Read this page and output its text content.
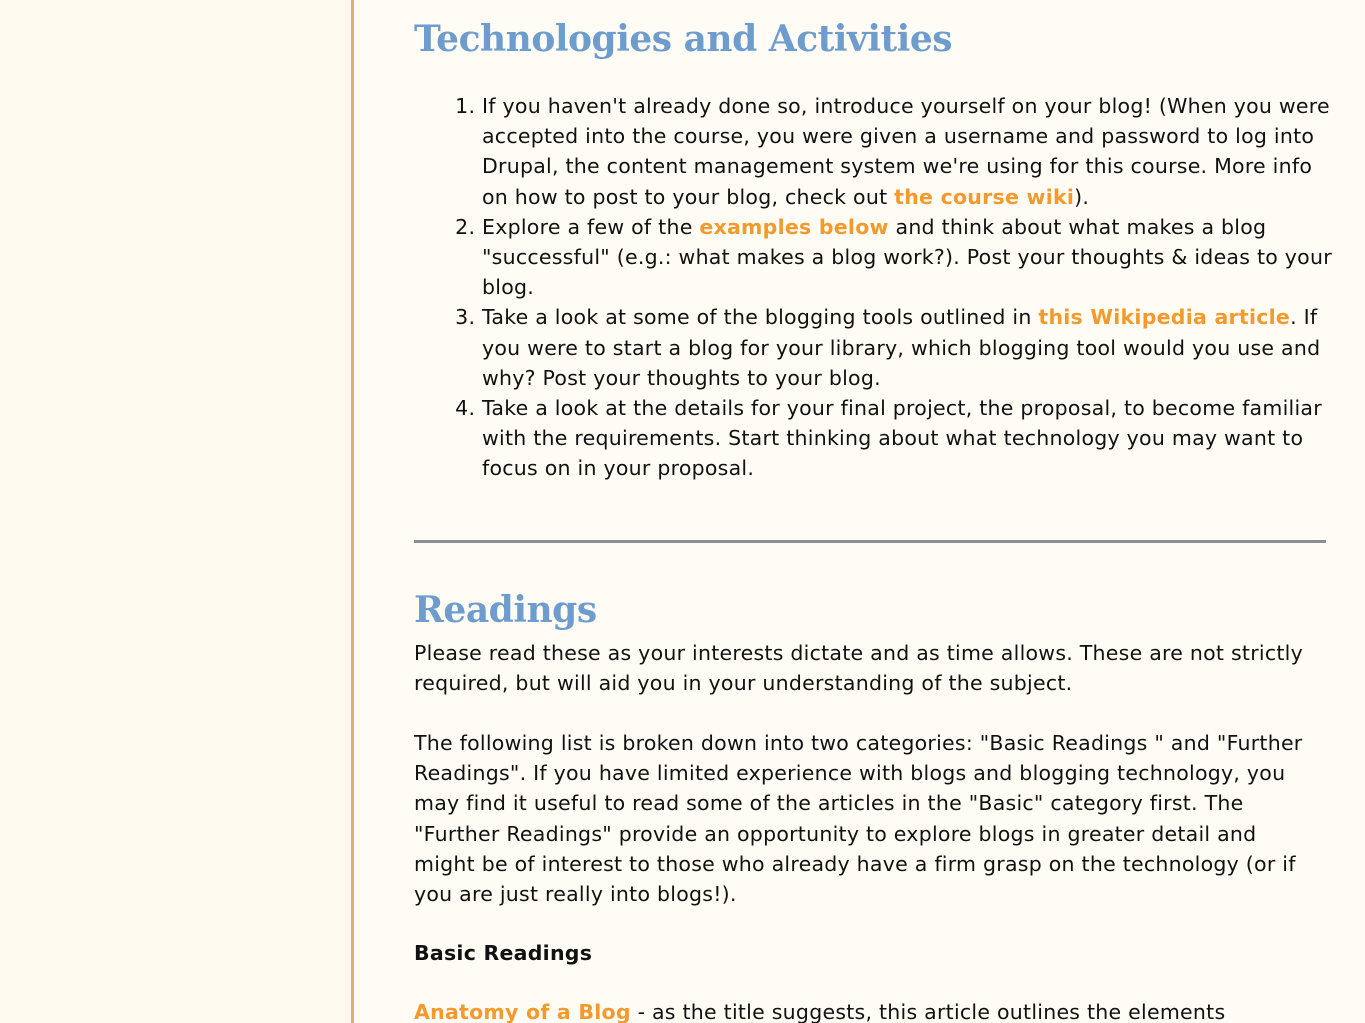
Technologies and Activities
1. If you haven't already done so, introduce yourself on your blog! (When you were accepted into the course, you were given a username and password to log into Drupal, the content management system we're using for this course. More info on how to post to your blog, check out the course wiki).
2. Explore a few of the examples below and think about what makes a blog "successful" (e.g.: what makes a blog work?). Post your thoughts & ideas to your blog.
3. Take a look at some of the blogging tools outlined in this Wikipedia article. If you were to start a blog for your library, which blogging tool would you use and why? Post your thoughts to your blog.
4. Take a look at the details for your final project, the proposal, to become familiar with the requirements. Start thinking about what technology you may want to focus on in your proposal.
Readings

Please read these as your interests dictate and as time allows. These are not strictly required, but will aid you in your understanding of the subject.

The following list is broken down into two categories: "Basic Readings " and "Further Readings". If you have limited experience with blogs and blogging technology, you may find it useful to read some of the articles in the "Basic" category first. The "Further Readings" provide an opportunity to explore blogs in greater detail and might be of interest to those who already have a firm grasp on the technology (or if you are just really into blogs!).

Basic Readings

Anatomy of a Blog - as the title suggests, this article outlines the elements
